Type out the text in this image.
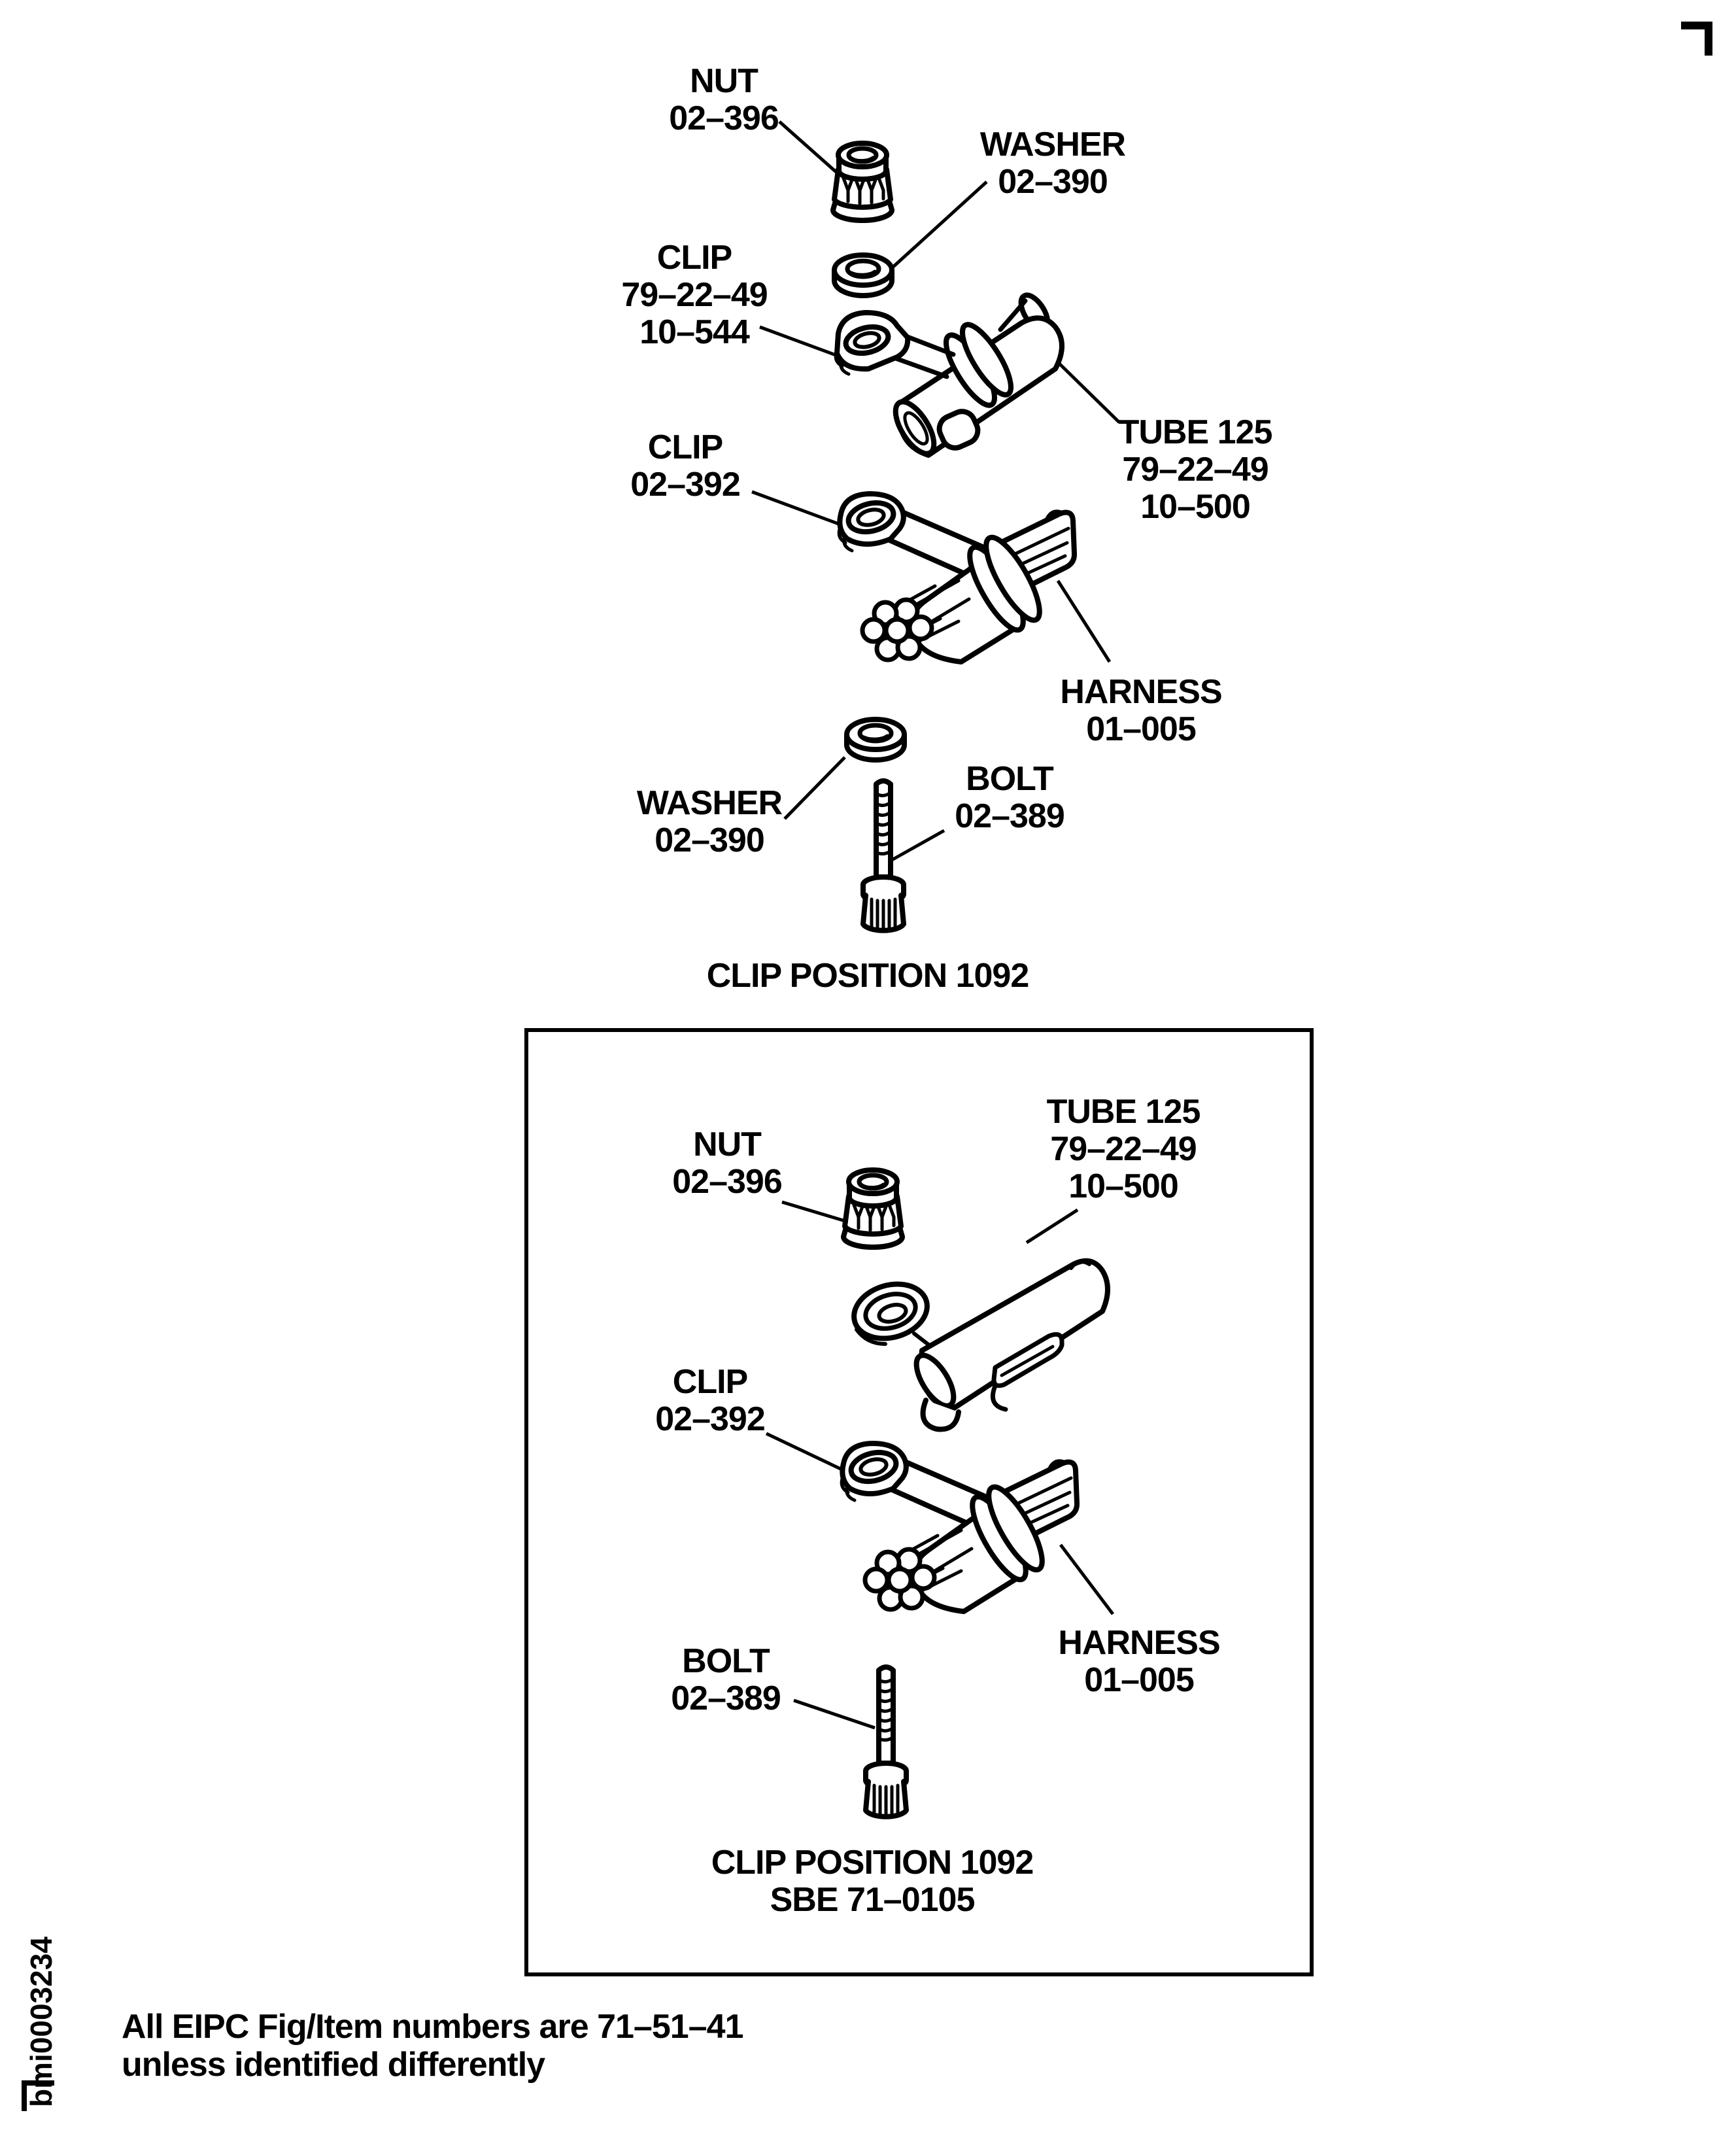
NUT
02–396
WASHER
02–390
CLIP
79–22–49
10–544
TUBE 125
79–22–49
10–500
CLIP
02–392
HARNESS
01–005
WASHER
02–390
BOLT
02–389
CLIP POSITION 1092
NUT
02–396
TUBE 125
79–22–49
10–500
CLIP
02–392
HARNESS
01–005
BOLT
02–389
CLIP POSITION 1092
SBE 71–0105
bmi0003234 All EIPC Fig/Item numbers are 71–51–41
unless identified differently
